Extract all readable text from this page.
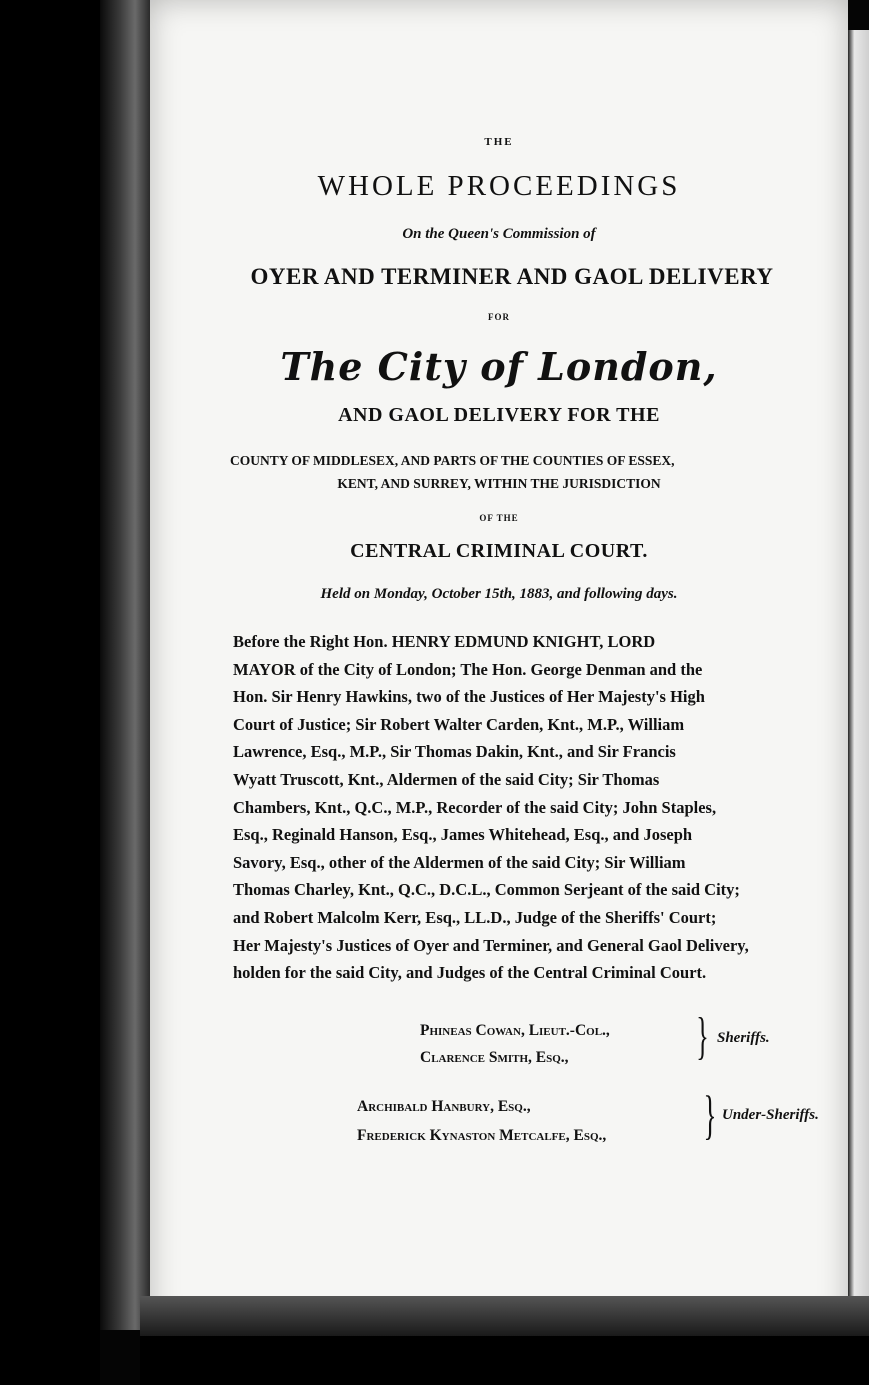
THE
WHOLE PROCEEDINGS
On the Queen's Commission of
OYER AND TERMINER AND GAOL DELIVERY
FOR
The City of London,
AND GAOL DELIVERY FOR THE
COUNTY OF MIDDLESEX, AND PARTS OF THE COUNTIES OF ESSEX,
KENT, AND SURREY, WITHIN THE JURISDICTION
OF THE
CENTRAL CRIMINAL COURT.
Held on Monday, October 15th, 1883, and following days.
Before the Right Hon. HENRY EDMUND KNIGHT, LORD
MAYOR of the City of London; The Hon. George Denman and the
Hon. Sir Henry Hawkins, two of the Justices of Her Majesty's High
Court of Justice; Sir Robert Walter Carden, Knt., M.P., William
Lawrence, Esq., M.P., Sir Thomas Dakin, Knt., and Sir Francis
Wyatt Truscott, Knt., Aldermen of the said City; Sir Thomas
Chambers, Knt., Q.C., M.P., Recorder of the said City; John Staples,
Esq., Reginald Hanson, Esq., James Whitehead, Esq., and Joseph
Savory, Esq., other of the Aldermen of the said City; Sir William
Thomas Charley, Knt., Q.C., D.C.L., Common Serjeant of the said City;
and Robert Malcolm Kerr, Esq., LL.D., Judge of the Sheriffs' Court;
Her Majesty's Justices of Oyer and Terminer, and General Gaol Delivery,
holden for the said City, and Judges of the Central Criminal Court.
Phineas Cowan, Lieut.-Col.,
Clarence Smith, Esq.,	} Sheriffs.
Archibald Hanbury, Esq.,
Frederick Kynaston Metcalfe, Esq., } Under-Sheriffs.
